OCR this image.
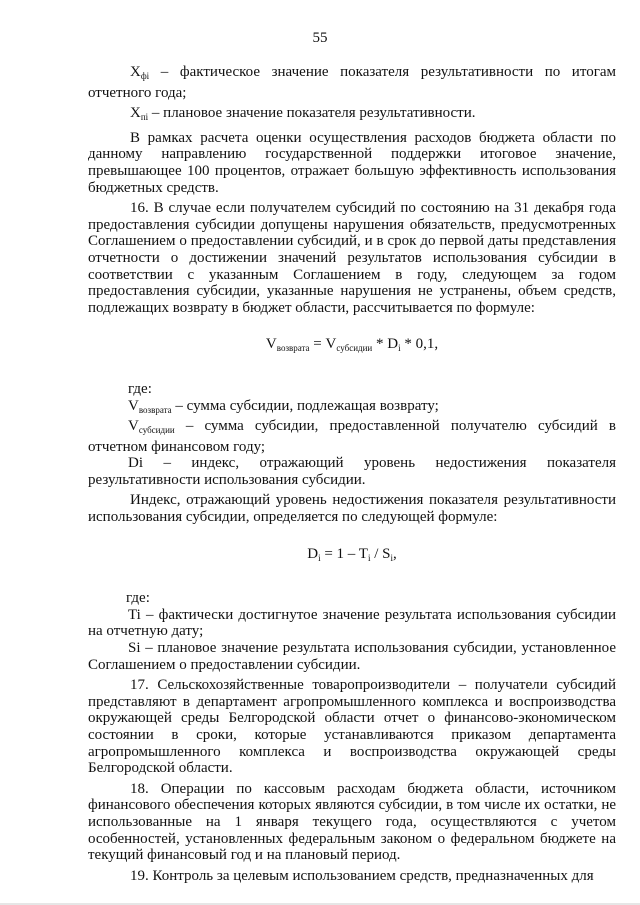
55

$X_{фi}$ – фактическое значение показателя результативности по итогам отчетного года;

$X_{пi}$ – плановое значение показателя результативности.

В рамках расчета оценки осуществления расходов бюджета области по данному направлению государственной поддержки итоговое значение, превышающее 100 процентов, отражает большую эффективность использования бюджетных средств.

16. В случае если получателем субсидий по состоянию на 31 декабря года предоставления субсидии допущены нарушения обязательств, предусмотренных Соглашением о предоставлении субсидий, и в срок до первой даты представления отчетности о достижении значений результатов использования субсидии в соответствии с указанным Соглашением в году, следующем за годом предоставления субсидии, указанные нарушения не устранены, объем средств, подлежащих возврату в бюджет области, рассчитывается по формуле:

$V_{возврата} = V_{субсидии} * D_i * 0,1$,

где:

$V_{возврата}$ – сумма субсидии, подлежащая возврату;

$V_{субсидии}$ – сумма субсидии, предоставленной получателю субсидий в отчетном финансовом году;

Di – индекс, отражающий уровень недостижения показателя результативности использования субсидии.

Индекс, отражающий уровень недостижения показателя результативности использования субсидии, определяется по следующей формуле:

$D_i = 1 - T_i / S_i$,

где:

Ti – фактически достигнутое значение результата использования субсидии на отчетную дату;

Si – плановое значение результата использования субсидии, установленное Соглашением о предоставлении субсидии.

17. Сельскохозяйственные товаропроизводители – получатели субсидий представляют в департамент агропромышленного комплекса и воспроизводства окружающей среды Белгородской области отчет о финансово-экономическом состоянии в сроки, которые устанавливаются приказом департамента агропромышленного комплекса и воспроизводства окружающей среды Белгородской области.

18. Операции по кассовым расходам бюджета области, источником финансового обеспечения которых являются субсидии, в том числе их остатки, не использованные на 1 января текущего года, осуществляются с учетом особенностей, установленных федеральным законом о федеральном бюджете на текущий финансовый год и на плановый период.

19. Контроль за целевым использованием средств, предназначенных для
